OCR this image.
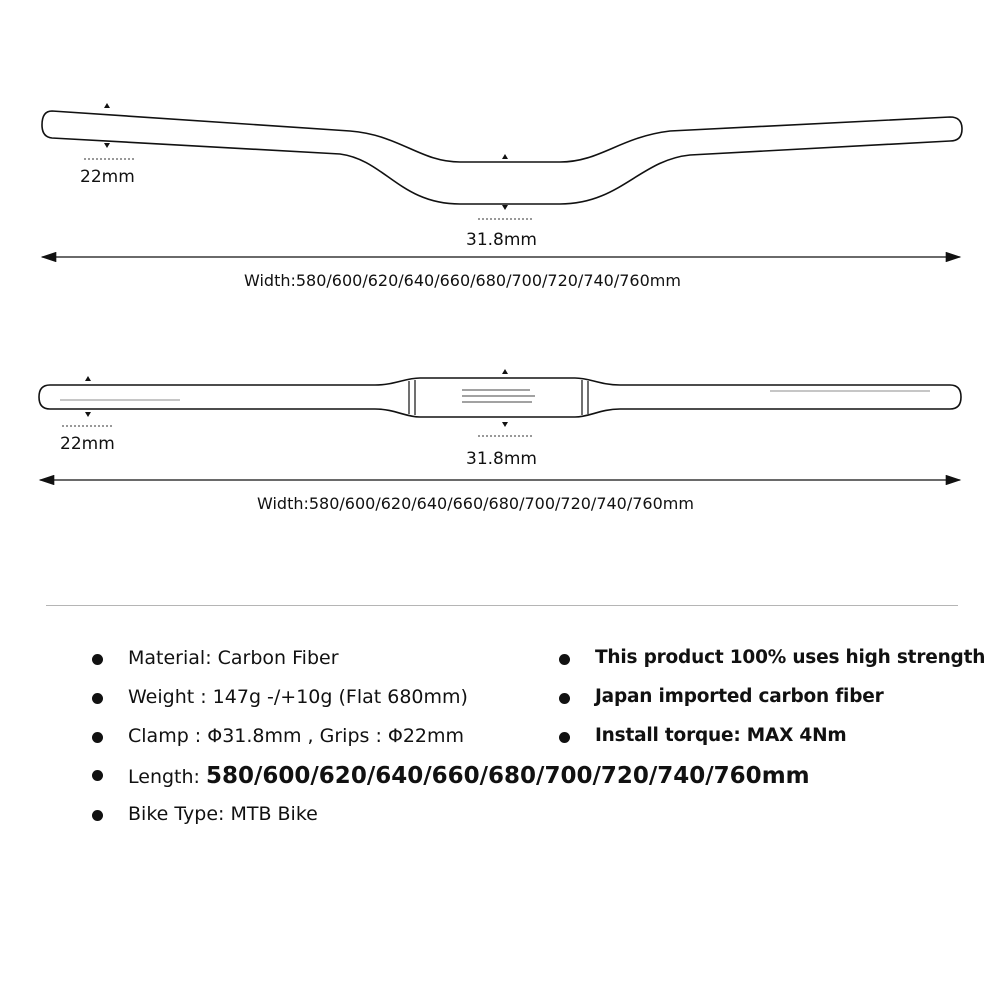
22mm
31.8mm
Width:580/600/620/640/660/680/700/720/740/760mm
22mm
31.8mm
Width:580/600/620/640/660/680/700/720/740/760mm
Material: Carbon Fiber
Weight : 147g -/+10g (Flat 680mm)
Clamp : Φ31.8mm , Grips : Φ22mm
Length: 580/600/620/640/660/680/700/720/740/760mm
Bike Type: MTB Bike
This product 100% uses high strength
Japan imported carbon fiber
Install torque: MAX 4Nm
